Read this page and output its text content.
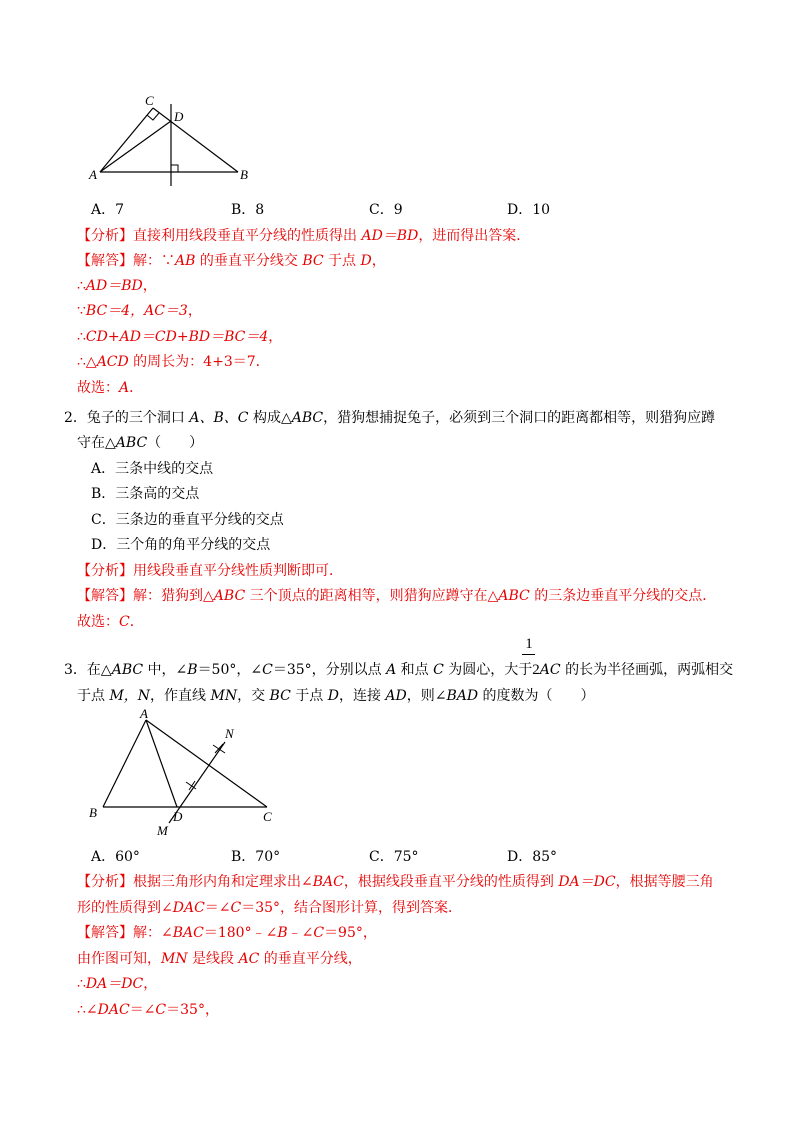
A	B
C
D
A．7	B．8	C．9	D．10
【分析】直接利用线段垂直平分线的性质得出 AD＝BD，进而得出答案．
【解答】解：∵AB 的垂直平分线交 BC 于点 D，
∴AD＝BD，
∵BC＝4，AC＝3，
∴CD+AD＝CD+BD＝BC＝4，
∴△ACD 的周长为：4+3＝7．
故选：A．
2．兔子的三个洞口 A、B、C 构成△ABC，猎狗想捕捉兔子，必须到三个洞口的距离都相等，则猎狗应蹲
守在△ABC（　　）
A．三条中线的交点
B．三条高的交点
C．三条边的垂直平分线的交点
D．三个角的角平分线的交点
【分析】用线段垂直平分线性质判断即可．
【解答】解：猎狗到△ABC 三个顶点的距离相等，则猎狗应蹲守在△ABC 的三条边垂直平分线的交点．
故选：C．
1
3．在△ABC 中，∠B＝50°，∠C＝35°，分别以点 A 和点 C 为圆心，大于2AC 的长为半径画弧，两弧相交
于点 M，N，作直线 MN，交 BC 于点 D，连接 AD，则∠BAD 的度数为（　　）
A
B	C
D
M
N
A．60°	B．70°	C．75°	D．85°
【分析】根据三角形内角和定理求出∠BAC，根据线段垂直平分线的性质得到 DA＝DC，根据等腰三角
形的性质得到∠DAC＝∠C＝35°，结合图形计算，得到答案．
【解答】解：∠BAC＝180°﹣∠B﹣∠C＝95°，
由作图可知，MN 是线段 AC 的垂直平分线，
∴DA＝DC，
∴∠DAC＝∠C＝35°，
